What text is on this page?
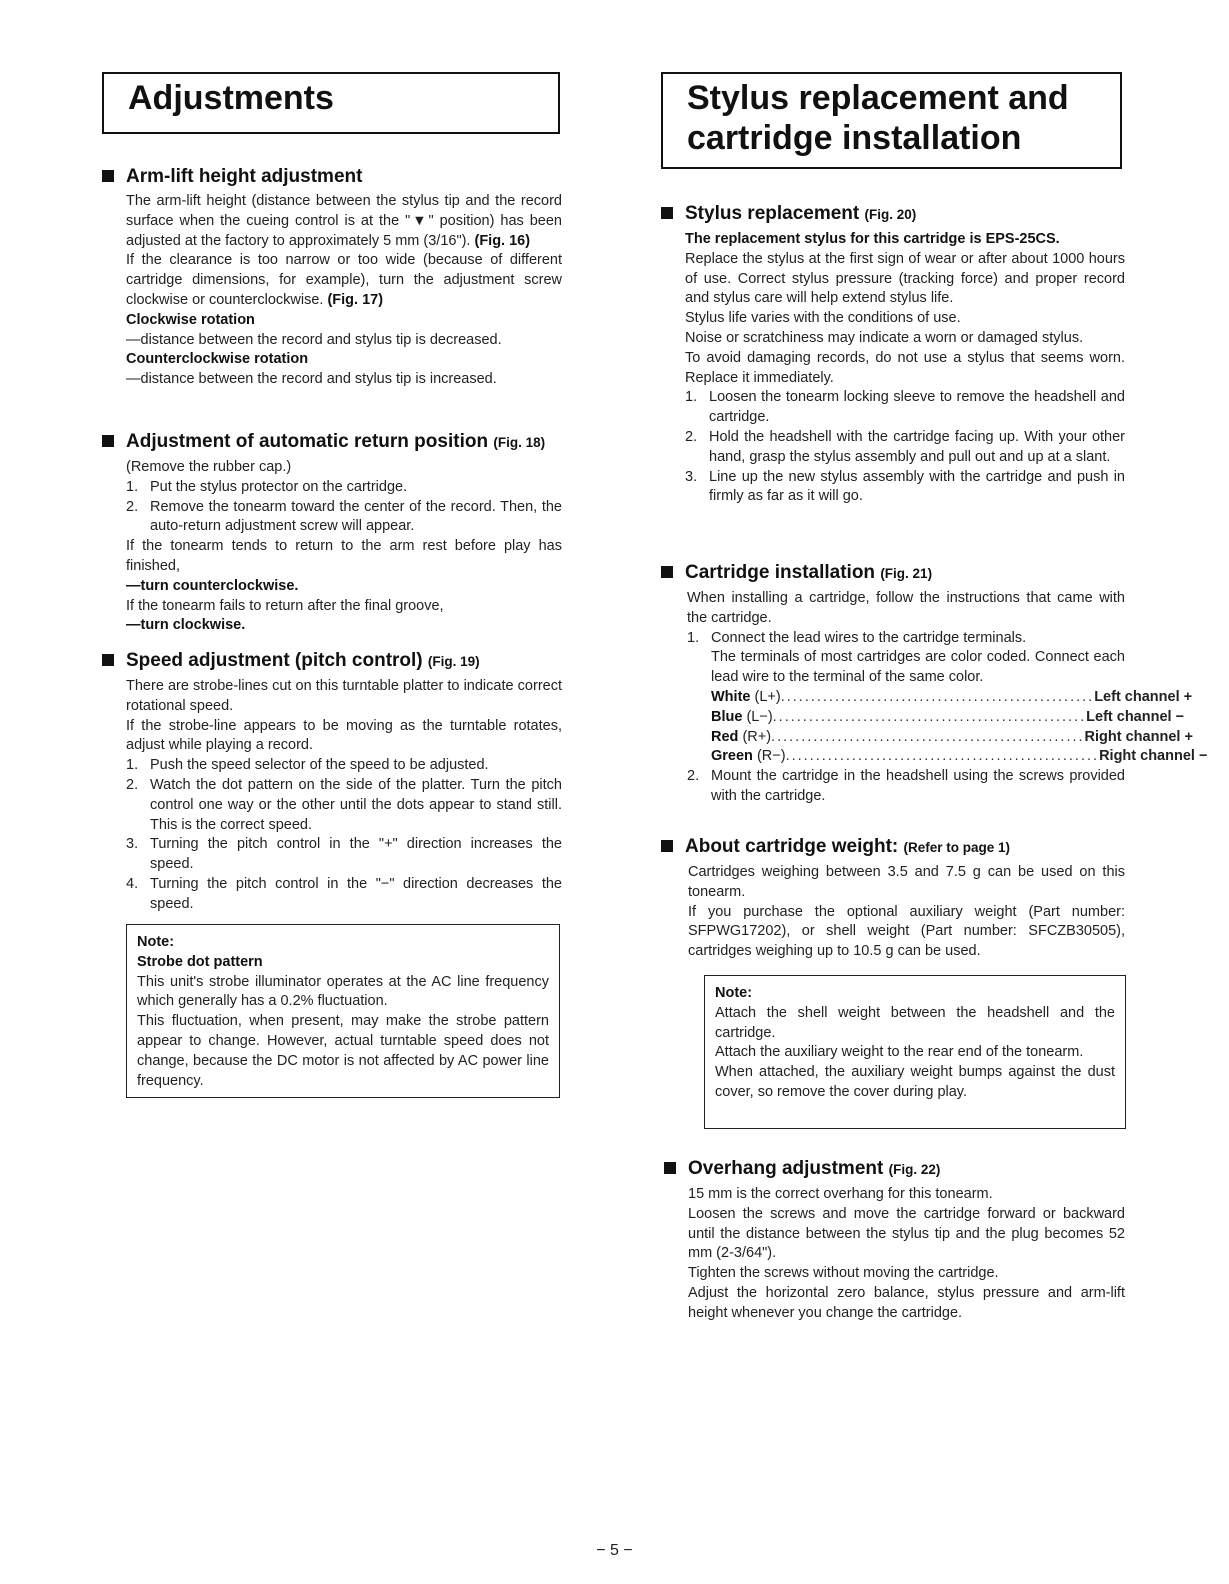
Adjustments	Stylus replacement and cartridge installation
Arm-lift height adjustment

The arm-lift height (distance between the stylus tip and the record surface when the cueing control is at the "▼" position) has been adjusted at the factory to approximately 5 mm (3/16"). (Fig. 16)

If the clearance is too narrow or too wide (because of different cartridge dimensions, for example), turn the adjustment screw clockwise or counterclockwise. (Fig. 17)

Clockwise rotation

—distance between the record and stylus tip is decreased.

Counterclockwise rotation

—distance between the record and stylus tip is increased.

Adjustment of automatic return position (Fig. 18)

(Remove the rubber cap.)

1. Put the stylus protector on the cartridge.
2. Remove the tonearm toward the center of the record. Then, the auto-return adjustment screw will appear.

If the tonearm tends to return to the arm rest before play has finished,

—turn counterclockwise.

If the tonearm fails to return after the final groove,

—turn clockwise.

Speed adjustment (pitch control) (Fig. 19)

There are strobe-lines cut on this turntable platter to indicate correct rotational speed.

If the strobe-line appears to be moving as the turntable rotates, adjust while playing a record.

1. Push the speed selector of the speed to be adjusted.
2. Watch the dot pattern on the side of the platter. Turn the pitch control one way or the other until the dots appear to stand still. This is the correct speed.
3. Turning the pitch control in the "+" direction increases the speed.
4. Turning the pitch control in the "−" direction decreases the speed.
Note:
Strobe dot pattern
This unit's strobe illuminator operates at the AC line frequency which generally has a 0.2% fluctuation.
This fluctuation, when present, may make the strobe pattern appear to change. However, actual turntable speed does not change, because the DC motor is not affected by AC power line frequency.
Stylus replacement (Fig. 20)

The replacement stylus for this cartridge is EPS-25CS.

Replace the stylus at the first sign of wear or after about 1000 hours of use. Correct stylus pressure (tracking force) and proper record and stylus care will help extend stylus life.

Stylus life varies with the conditions of use.

Noise or scratchiness may indicate a worn or damaged stylus.

To avoid damaging records, do not use a stylus that seems worn. Replace it immediately.

1. Loosen the tonearm locking sleeve to remove the headshell and cartridge.
2. Hold the headshell with the cartridge facing up. With your other hand, grasp the stylus assembly and pull out and up at a slant.
3. Line up the new stylus assembly with the cartridge and push in firmly as far as it will go.
Cartridge installation (Fig. 21)

When installing a cartridge, follow the instructions that came with the cartridge.

1. Connect the lead wires to the cartridge terminals.
The terminals of most cartridges are color coded. Connect each lead wire to the terminal of the same color.
White (L+) .................................................... Left channel +
Blue (L−) .................................................... Left channel −
Red (R+) .................................................... Right channel +
Green (R−) .................................................... Right channel −
2. Mount the cartridge in the headshell using the screws provided with the cartridge.
About cartridge weight: (Refer to page 1)

Cartridges weighing between 3.5 and 7.5 g can be used on this tonearm.

If you purchase the optional auxiliary weight (Part number: SFPWG17202), or shell weight (Part number: SFCZB30505), cartridges weighing up to 10.5 g can be used.

Note:
Attach the shell weight between the headshell and the cartridge.
Attach the auxiliary weight to the rear end of the tonearm.
When attached, the auxiliary weight bumps against the dust cover, so remove the cover during play.
Overhang adjustment (Fig. 22)

15 mm is the correct overhang for this tonearm.

Loosen the screws and move the cartridge forward or backward until the distance between the stylus tip and the plug becomes 52 mm (2-3/64").

Tighten the screws without moving the cartridge.

Adjust the horizontal zero balance, stylus pressure and arm-lift height whenever you change the cartridge.

− 5 −
